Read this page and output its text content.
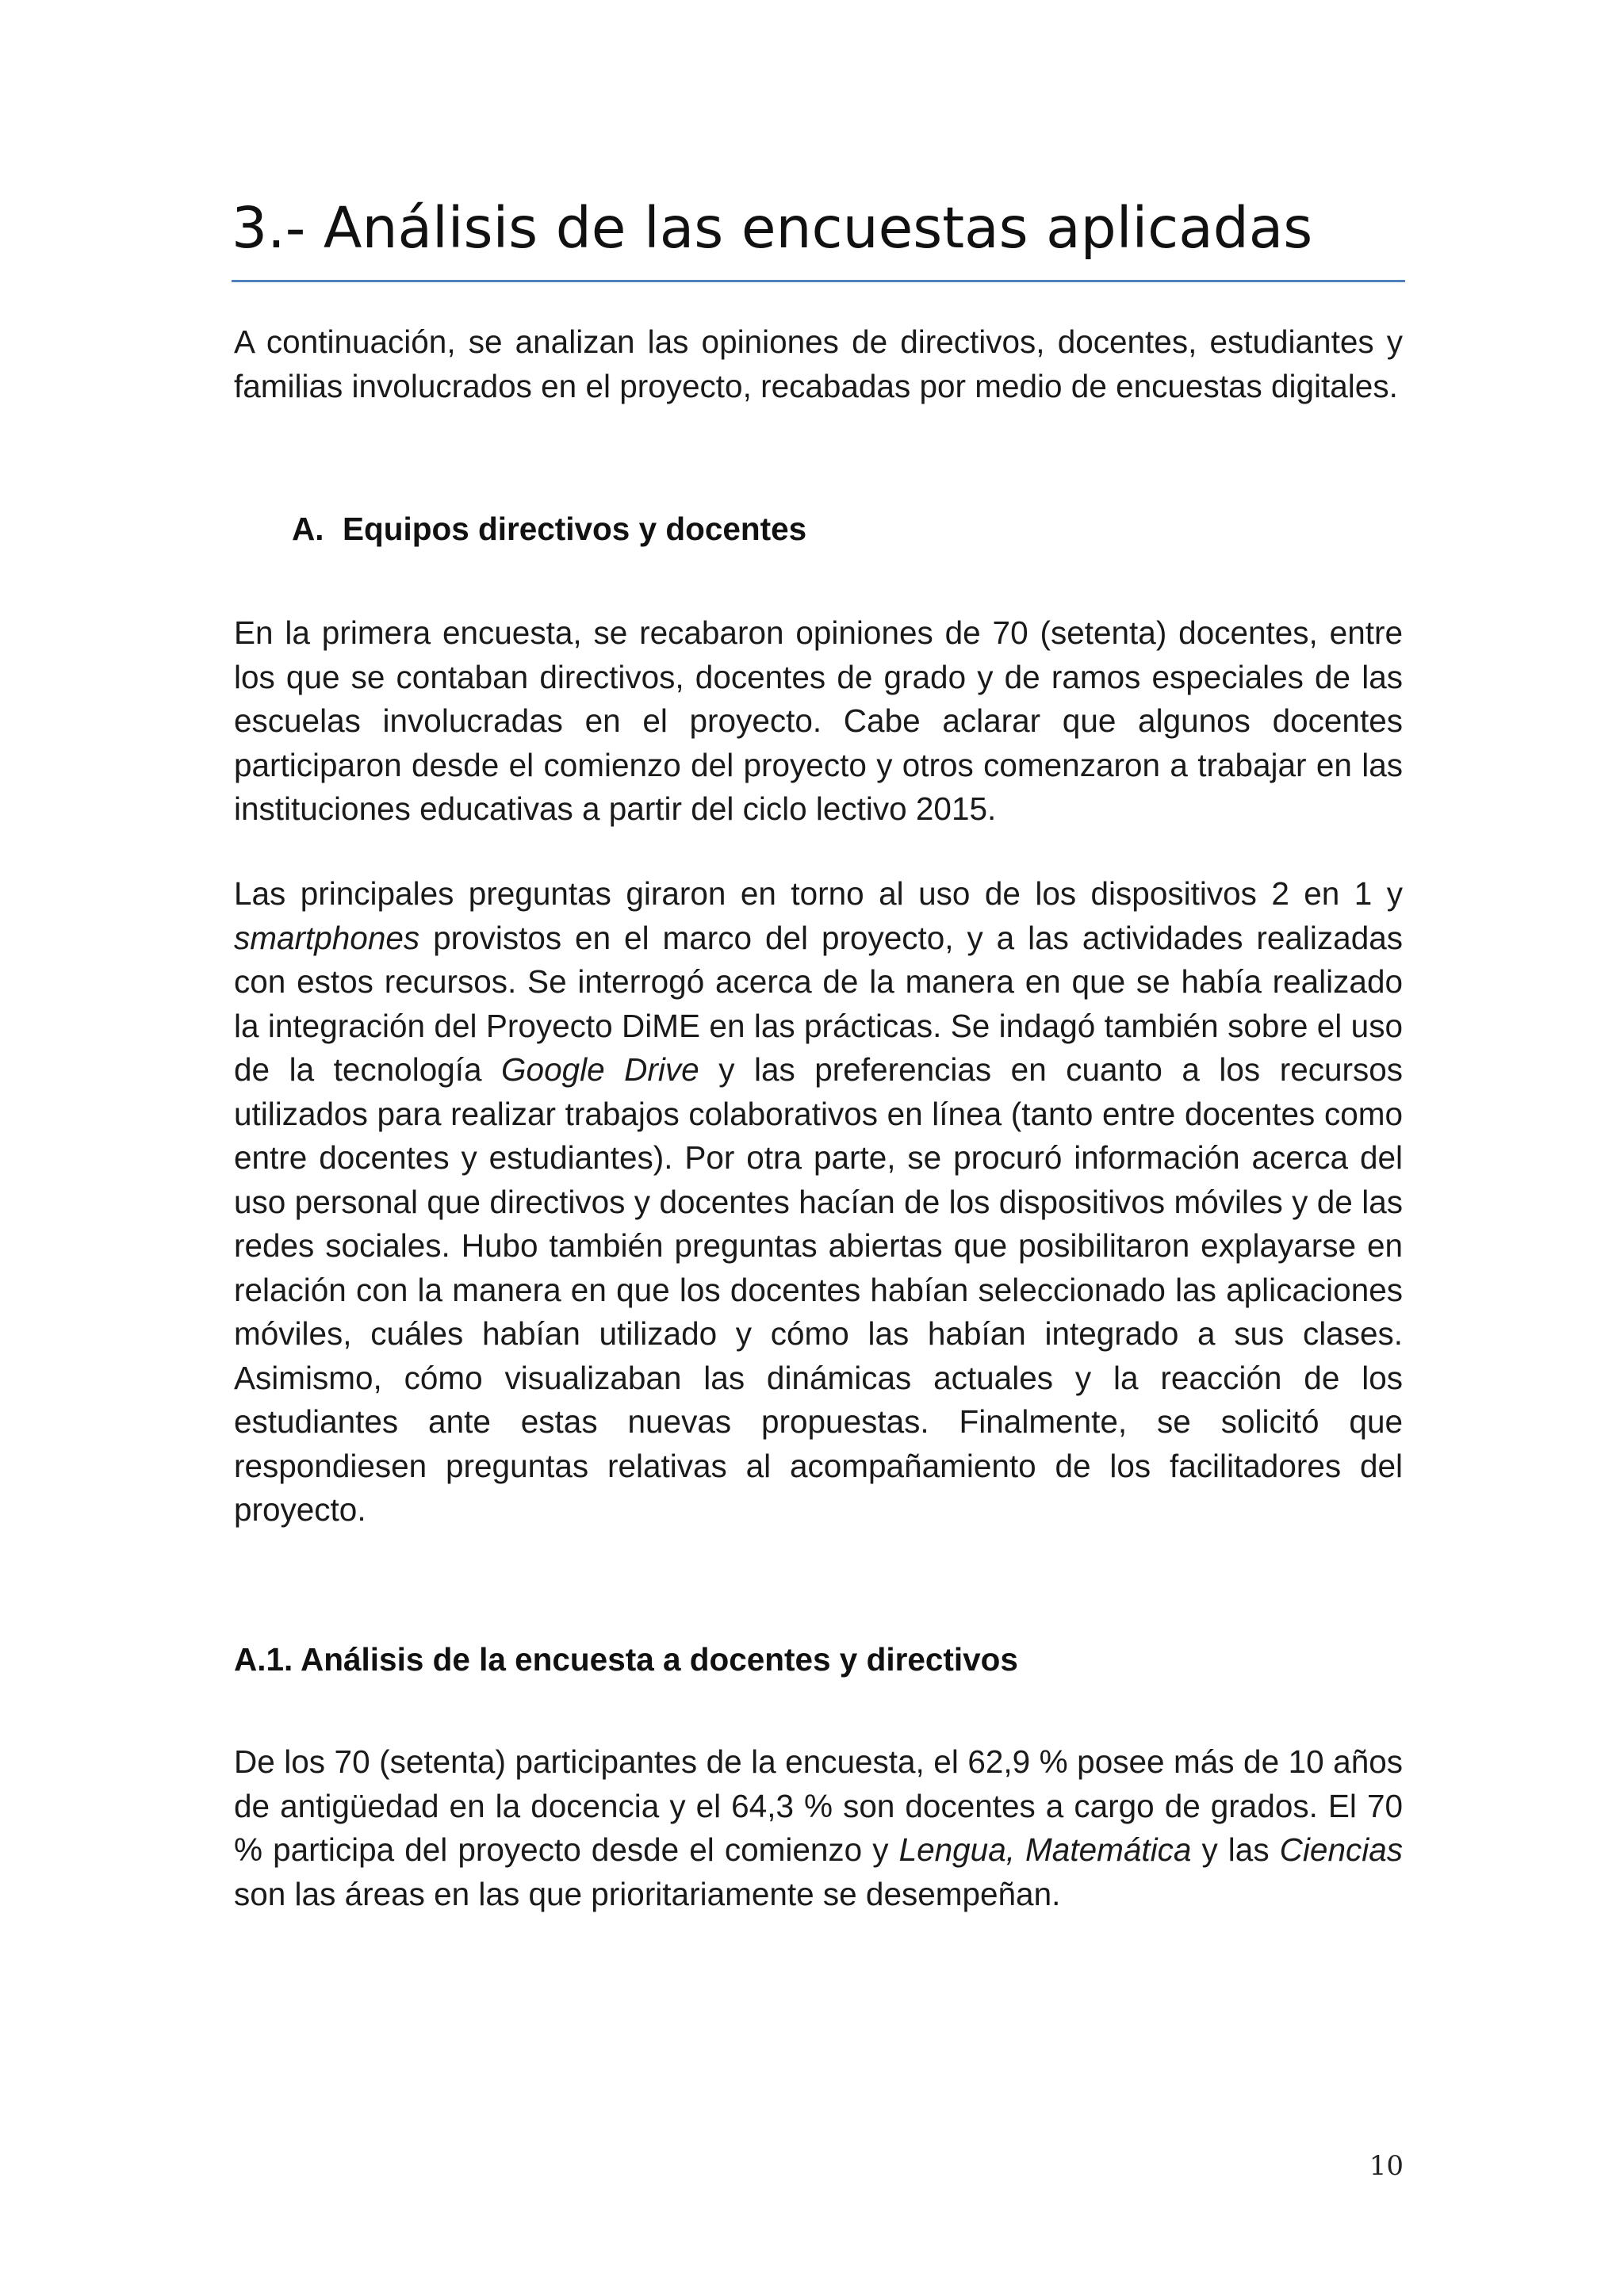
3.- Análisis de las encuestas aplicadas

A continuación, se analizan las opiniones de directivos, docentes, estudiantes y familias involucrados en el proyecto, recabadas por medio de encuestas digitales.

A. Equipos directivos y docentes

En la primera encuesta, se recabaron opiniones de 70 (setenta) docentes, entre los que se contaban directivos, docentes de grado y de ramos especiales de las escuelas involucradas en el proyecto. Cabe aclarar que algunos docentes participaron desde el comienzo del proyecto y otros comenzaron a trabajar en las instituciones educativas a partir del ciclo lectivo 2015.

Las principales preguntas giraron en torno al uso de los dispositivos 2 en 1 y smartphones provistos en el marco del proyecto, y a las actividades realizadas con estos recursos. Se interrogó acerca de la manera en que se había realizado la integración del Proyecto DiME en las prácticas. Se indagó también sobre el uso de la tecnología Google Drive y las preferencias en cuanto a los recursos utilizados para realizar trabajos colaborativos en línea (tanto entre docentes como entre docentes y estudiantes). Por otra parte, se procuró información acerca del uso personal que directivos y docentes hacían de los dispositivos móviles y de las redes sociales. Hubo también preguntas abiertas que posibilitaron explayarse en relación con la manera en que los docentes habían seleccionado las aplicaciones móviles, cuáles habían utilizado y cómo las habían integrado a sus clases. Asimismo, cómo visualizaban las dinámicas actuales y la reacción de los estudiantes ante estas nuevas propuestas. Finalmente, se solicitó que respondiesen preguntas relativas al acompañamiento de los facilitadores del proyecto.

A.1. Análisis de la encuesta a docentes y directivos

De los 70 (setenta) participantes de la encuesta, el 62,9 % posee más de 10 años de antigüedad en la docencia y el 64,3 % son docentes a cargo de grados. El 70 % participa del proyecto desde el comienzo y Lengua, Matemática y las Ciencias son las áreas en las que prioritariamente se desempeñan.

10
